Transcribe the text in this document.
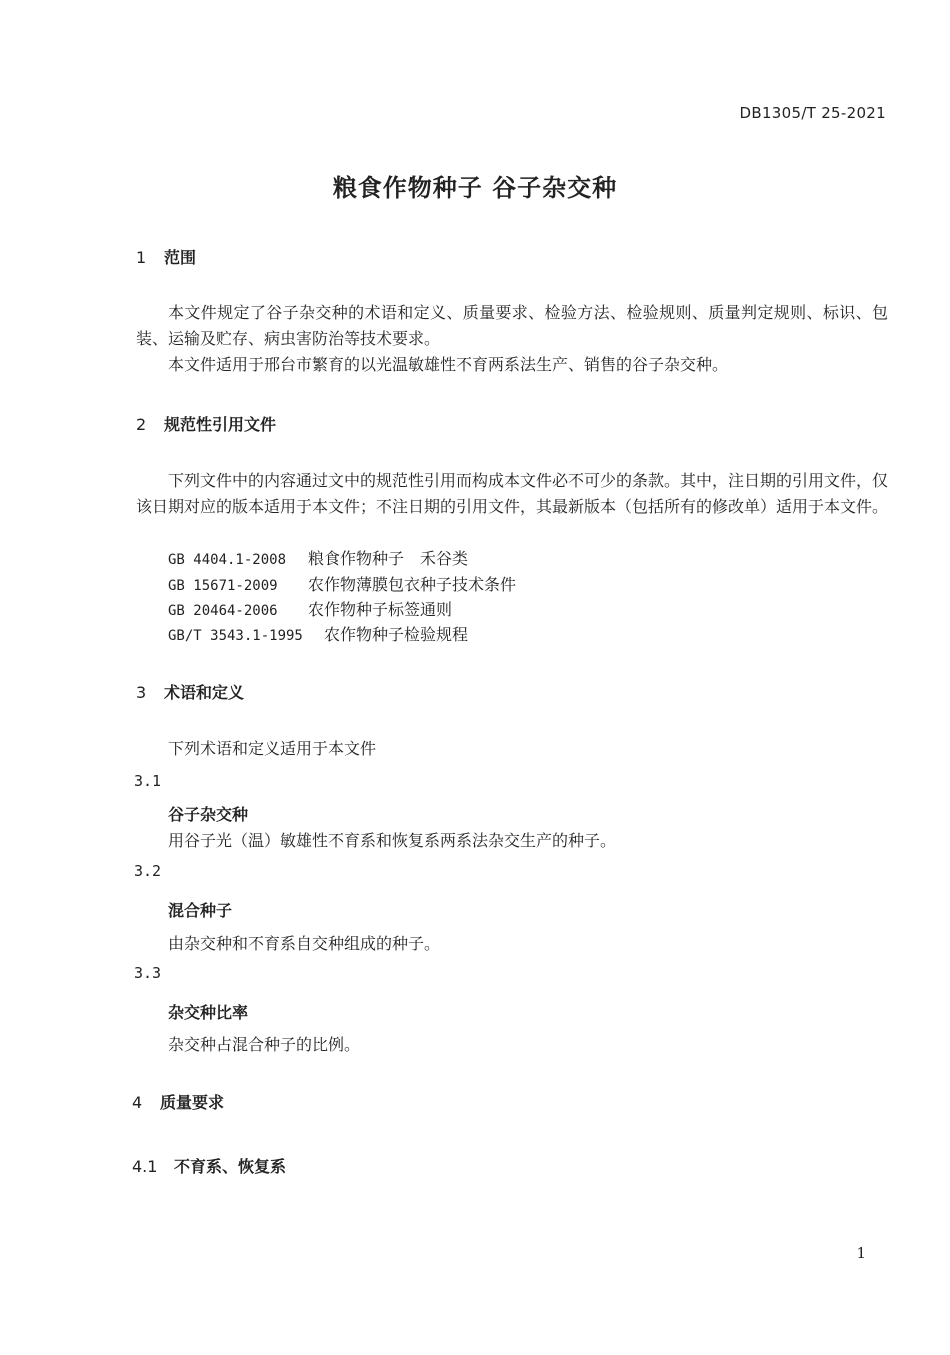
DB1305/T 25-2021
粮食作物种子 谷子杂交种
1 范围
本文件规定了谷子杂交种的术语和定义、质量要求、检验方法、检验规则、质量判定规则、标识、包装、运输及贮存、病虫害防治等技术要求。
本文件适用于邢台市繁育的以光温敏雄性不育两系法生产、销售的谷子杂交种。
2 规范性引用文件
下列文件中的内容通过文中的规范性引用而构成本文件必不可少的条款。其中，注日期的引用文件，仅该日期对应的版本适用于本文件；不注日期的引用文件，其最新版本（包括所有的修改单）适用于本文件。
GB 4404.1-2008 粮食作物种子　禾谷类
GB 15671-2009 农作物薄膜包衣种子技术条件
GB 20464-2006 农作物种子标签通则
GB/T 3543.1-1995 农作物种子检验规程
3 术语和定义
下列术语和定义适用于本文件
3.1
谷子杂交种
用谷子光（温）敏雄性不育系和恢复系两系法杂交生产的种子。
3.2
混合种子
由杂交种和不育系自交种组成的种子。
3.3
杂交种比率
杂交种占混合种子的比例。
4 质量要求
4.1 不育系、恢复系
1
